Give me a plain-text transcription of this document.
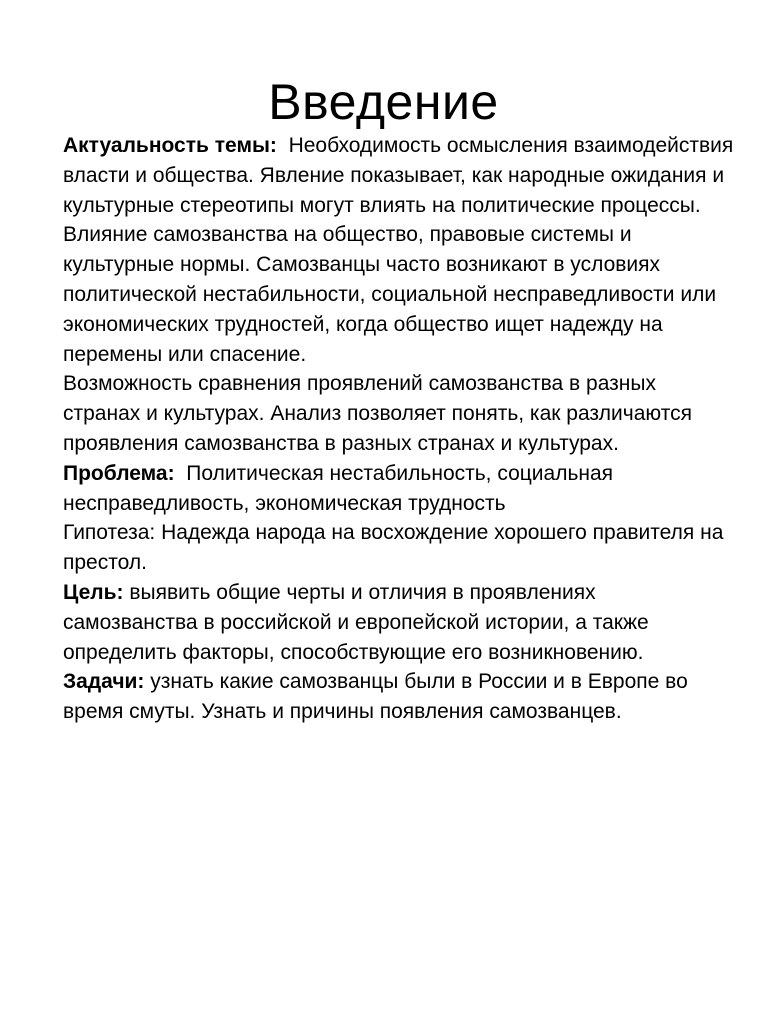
Введение
Актуальность темы:  Необходимость осмысления взаимодействия власти и общества. Явление показывает, как народные ожидания и культурные стереотипы могут влиять на политические процессы.
Влияние самозванства на общество, правовые системы и культурные нормы. Самозванцы часто возникают в условиях политической нестабильности, социальной несправедливости или экономических трудностей, когда общество ищет надежду на перемены или спасение.
Возможность сравнения проявлений самозванства в разных странах и культурах. Анализ позволяет понять, как различаются проявления самозванства в разных странах и культурах.
Проблема:  Политическая нестабильность, социальная несправедливость, экономическая трудность
Гипотеза: Надежда народа на восхождение хорошего правителя на престол.
Цель: выявить общие черты и отличия в проявлениях самозванства в российской и европейской истории, а также определить факторы, способствующие его возникновению.
Задачи: узнать какие самозванцы были в России и в Европе во время смуты. Узнать и причины появления самозванцев.
